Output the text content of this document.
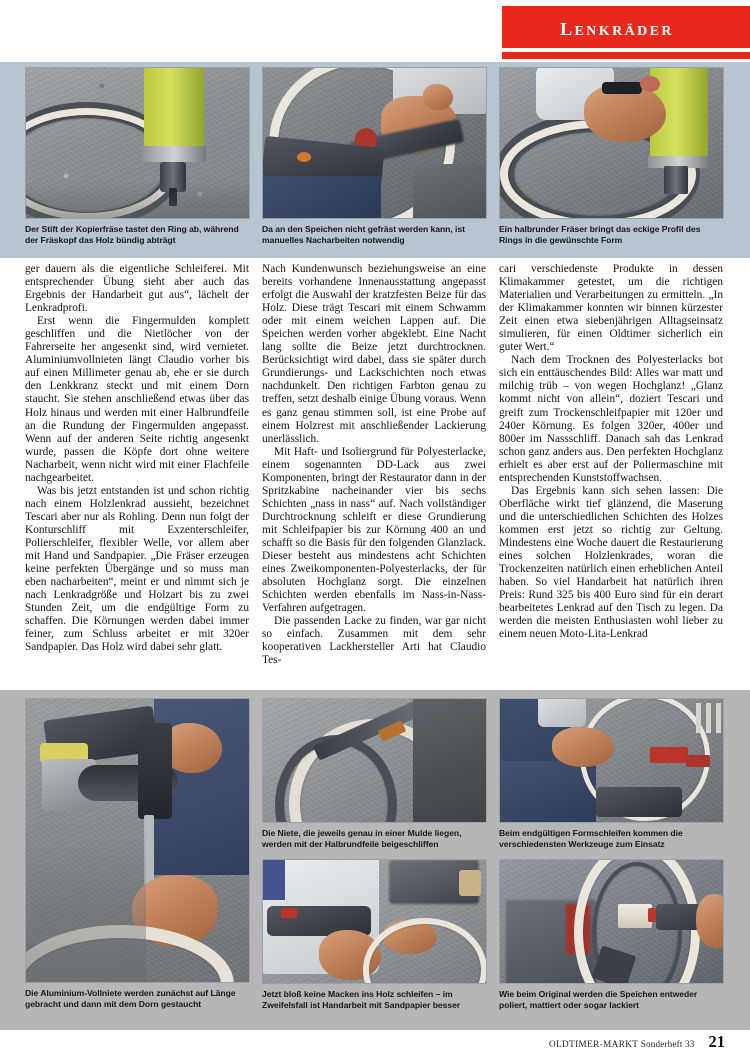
lenkräder
Der Stift der Kopierfräse tastet den Ring ab, während der Fräskopf das Holz bündig abträgt
Da an den Speichen nicht gefräst werden kann, ist manuelles Nacharbeiten notwendig
Ein halbrunder Fräser bringt das eckige Profil des Rings in die gewünschte Form

ger dauern als die eigentliche Schleiferei. Mit entsprechender Übung sieht aber auch das Ergebnis der Handarbeit gut aus“, lächelt der Lenkradprofi.

Erst wenn die Fingermulden komplett geschliffen und die Nietlöcher von der Fahrerseite her angesenkt sind, wird vernietet. Aluminiumvollnieten längt Claudio vorher bis auf einen Millimeter genau ab, ehe er sie durch den Lenkkranz steckt und mit einem Dorn staucht. Sie stehen anschließend etwas über das Holz hinaus und werden mit einer Halbrundfeile an die Rundung der Fingermulden angepasst. Wenn auf der anderen Seite richtig angesenkt wurde, passen die Köpfe dort ohne weitere Nacharbeit, wenn nicht wird mit einer Flachfeile nachgearbeitet.

Was bis jetzt entstanden ist und schon richtig nach einem Holzlenkrad aussieht, bezeichnet Tescari aber nur als Rohling. Denn nun folgt der Konturschliff mit Exzenterschleifer, Polierschleifer, flexibler Welle, vor allem aber mit Hand und Sandpapier. „Die Fräser erzeugen keine perfekten Übergänge und so muss man eben nacharbeiten“, meint er und nimmt sich je nach Lenkradgröße und Holzart bis zu zwei Stunden Zeit, um die endgültige Form zu schaffen. Die Körnungen werden dabei immer feiner, zum Schluss arbeitet er mit 320er Sandpapier. Das Holz wird dabei sehr glatt.

Nach Kundenwunsch beziehungsweise an eine bereits vorhandene Innenausstattung angepasst erfolgt die Auswahl der kratzfesten Beize für das Holz. Diese trägt Tescari mit einem Schwamm oder mit einem weichen Lappen auf. Die Speichen werden vorher abgeklebt. Eine Nacht lang sollte die Beize jetzt durchtrocknen. Berücksichtigt wird dabei, dass sie später durch Grundierungs- und Lackschichten noch etwas nachdunkelt. Den richtigen Farbton genau zu treffen, setzt deshalb einige Übung voraus. Wenn es ganz genau stimmen soll, ist eine Probe auf einem Holzrest mit anschließender Lackierung unerlässlich.

Mit Haft- und Isoliergrund für Polyesterlacke, einem sogenannten DD-Lack aus zwei Komponenten, bringt der Restaurator dann in der Spritzkabine nacheinander vier bis sechs Schichten „nass in nass“ auf. Nach vollständiger Durchtrocknung schleift er diese Grundierung mit Schleifpapier bis zur Körnung 400 an und schafft so die Basis für den folgenden Glanzlack. Dieser besteht aus mindestens acht Schichten eines Zweikomponenten-Polyesterlacks, der für absoluten Hochglanz sorgt. Die einzelnen Schichten werden ebenfalls im Nass-in-Nass-Verfahren aufgetragen.

Die passenden Lacke zu finden, war gar nicht so einfach. Zusammen mit dem sehr kooperativen Lackhersteller Arti hat Claudio Tes-

cari verschiedenste Produkte in dessen Klimakammer getestet, um die richtigen Materialien und Verarbeitungen zu ermitteln. „In der Klimakammer konnten wir binnen kürzester Zeit einen etwa siebenjährigen Alltagseinsatz simulieren, für einen Oldtimer sicherlich ein guter Wert.“

Nach dem Trocknen des Polyesterlacks bot sich ein enttäuschendes Bild: Alles war matt und milchig trüb – von wegen Hochglanz! „Glanz kommt nicht von allein“, doziert Tescari und greift zum Trockenschleifpapier mit 120er und 240er Körnung. Es folgen 320er, 400er und 800er im Nassschliff. Danach sah das Lenkrad schon ganz anders aus. Den perfekten Hochglanz erhielt es aber erst auf der Poliermaschine mit entsprechenden Kunststoffwachsen.

Das Ergebnis kann sich sehen lassen: Die Oberfläche wirkt tief glänzend, die Maserung und die unterschiedlichen Schichten des Holzes kommen erst jetzt so richtig zur Geltung. Mindestens eine Woche dauert die Restaurierung eines solchen Holzlenkrades, woran die Trockenzeiten natürlich einen erheblichen Anteil haben. So viel Handarbeit hat natürlich ihren Preis: Rund 325 bis 400 Euro sind für ein derart bearbeitetes Lenkrad auf den Tisch zu legen. Da werden die meisten Enthusiasten wohl lieber zu einem neuen Moto-Lita-Lenkrad

Die Aluminium-Vollniete werden zunächst auf Länge gebracht und dann mit dem Dorn gestaucht
Die Niete, die jeweils genau in einer Mulde liegen, werden mit der Halbrundfeile beigeschliffen
Beim endgültigen Formschleifen kommen die verschiedensten Werkzeuge zum Einsatz
Jetzt bloß keine Macken ins Holz schleifen – im Zweifelsfall ist Handarbeit mit Sandpapier besser
Wie beim Original werden die Speichen entweder poliert, mattiert oder sogar lackiert
OLDTIMER-MARKT Sonderheft 33 21
